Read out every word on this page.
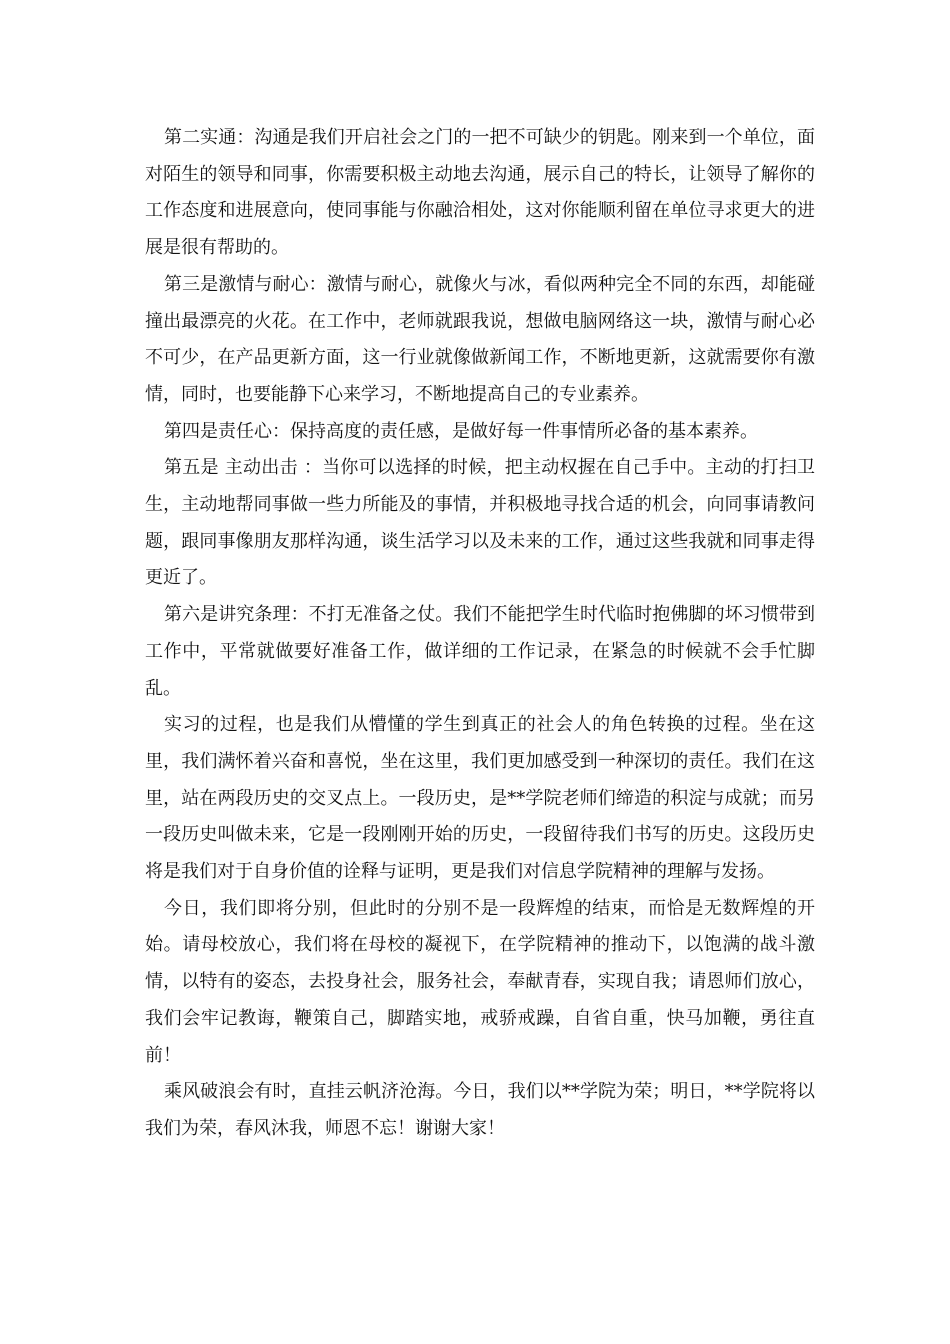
第二实通：沟通是我们开启社会之门的一把不可缺少的钥匙。刚来到一个单位，面对陌生的领导和同事，你需要积极主动地去沟通，展示自己的特长，让领导了解你的工作态度和进展意向，使同事能与你融洽相处，这对你能顺利留在单位寻求更大的进展是很有帮助的。

第三是激情与耐心：激情与耐心，就像火与冰，看似两种完全不同的东西，却能碰撞出最漂亮的火花。在工作中，老师就跟我说，想做电脑网络这一块，激情与耐心必不可少，在产品更新方面，这一行业就像做新闻工作，不断地更新，这就需要你有激情，同时，也要能静下心来学习，不断地提高自己的专业素养。

第四是责任心：保持高度的责任感，是做好每一件事情所必备的基本素养。

第五是 主动出击 ：当你可以选择的时候，把主动权握在自己手中。主动的打扫卫生，主动地帮同事做一些力所能及的事情，并积极地寻找合适的机会，向同事请教问题，跟同事像朋友那样沟通，谈生活学习以及未来的工作，通过这些我就和同事走得更近了。

第六是讲究条理：不打无准备之仗。我们不能把学生时代临时抱佛脚的坏习惯带到工作中，平常就做要好准备工作，做详细的工作记录，在紧急的时候就不会手忙脚乱。

实习的过程，也是我们从懵懂的学生到真正的社会人的角色转换的过程。坐在这里，我们满怀着兴奋和喜悦，坐在这里，我们更加感受到一种深切的责任。我们在这里，站在两段历史的交叉点上。一段历史，是**学院老师们缔造的积淀与成就；而另一段历史叫做未来，它是一段刚刚开始的历史，一段留待我们书写的历史。这段历史将是我们对于自身价值的诠释与证明，更是我们对信息学院精神的理解与发扬。

今日，我们即将分别，但此时的分别不是一段辉煌的结束，而恰是无数辉煌的开始。请母校放心，我们将在母校的凝视下，在学院精神的推动下，以饱满的战斗激情，以特有的姿态，去投身社会，服务社会，奉献青春，实现自我；请恩师们放心，我们会牢记教诲，鞭策自己，脚踏实地，戒骄戒躁，自省自重，快马加鞭，勇往直前！

乘风破浪会有时，直挂云帆济沧海。今日，我们以**学院为荣；明日，**学院将以我们为荣，春风沐我，师恩不忘！谢谢大家！
